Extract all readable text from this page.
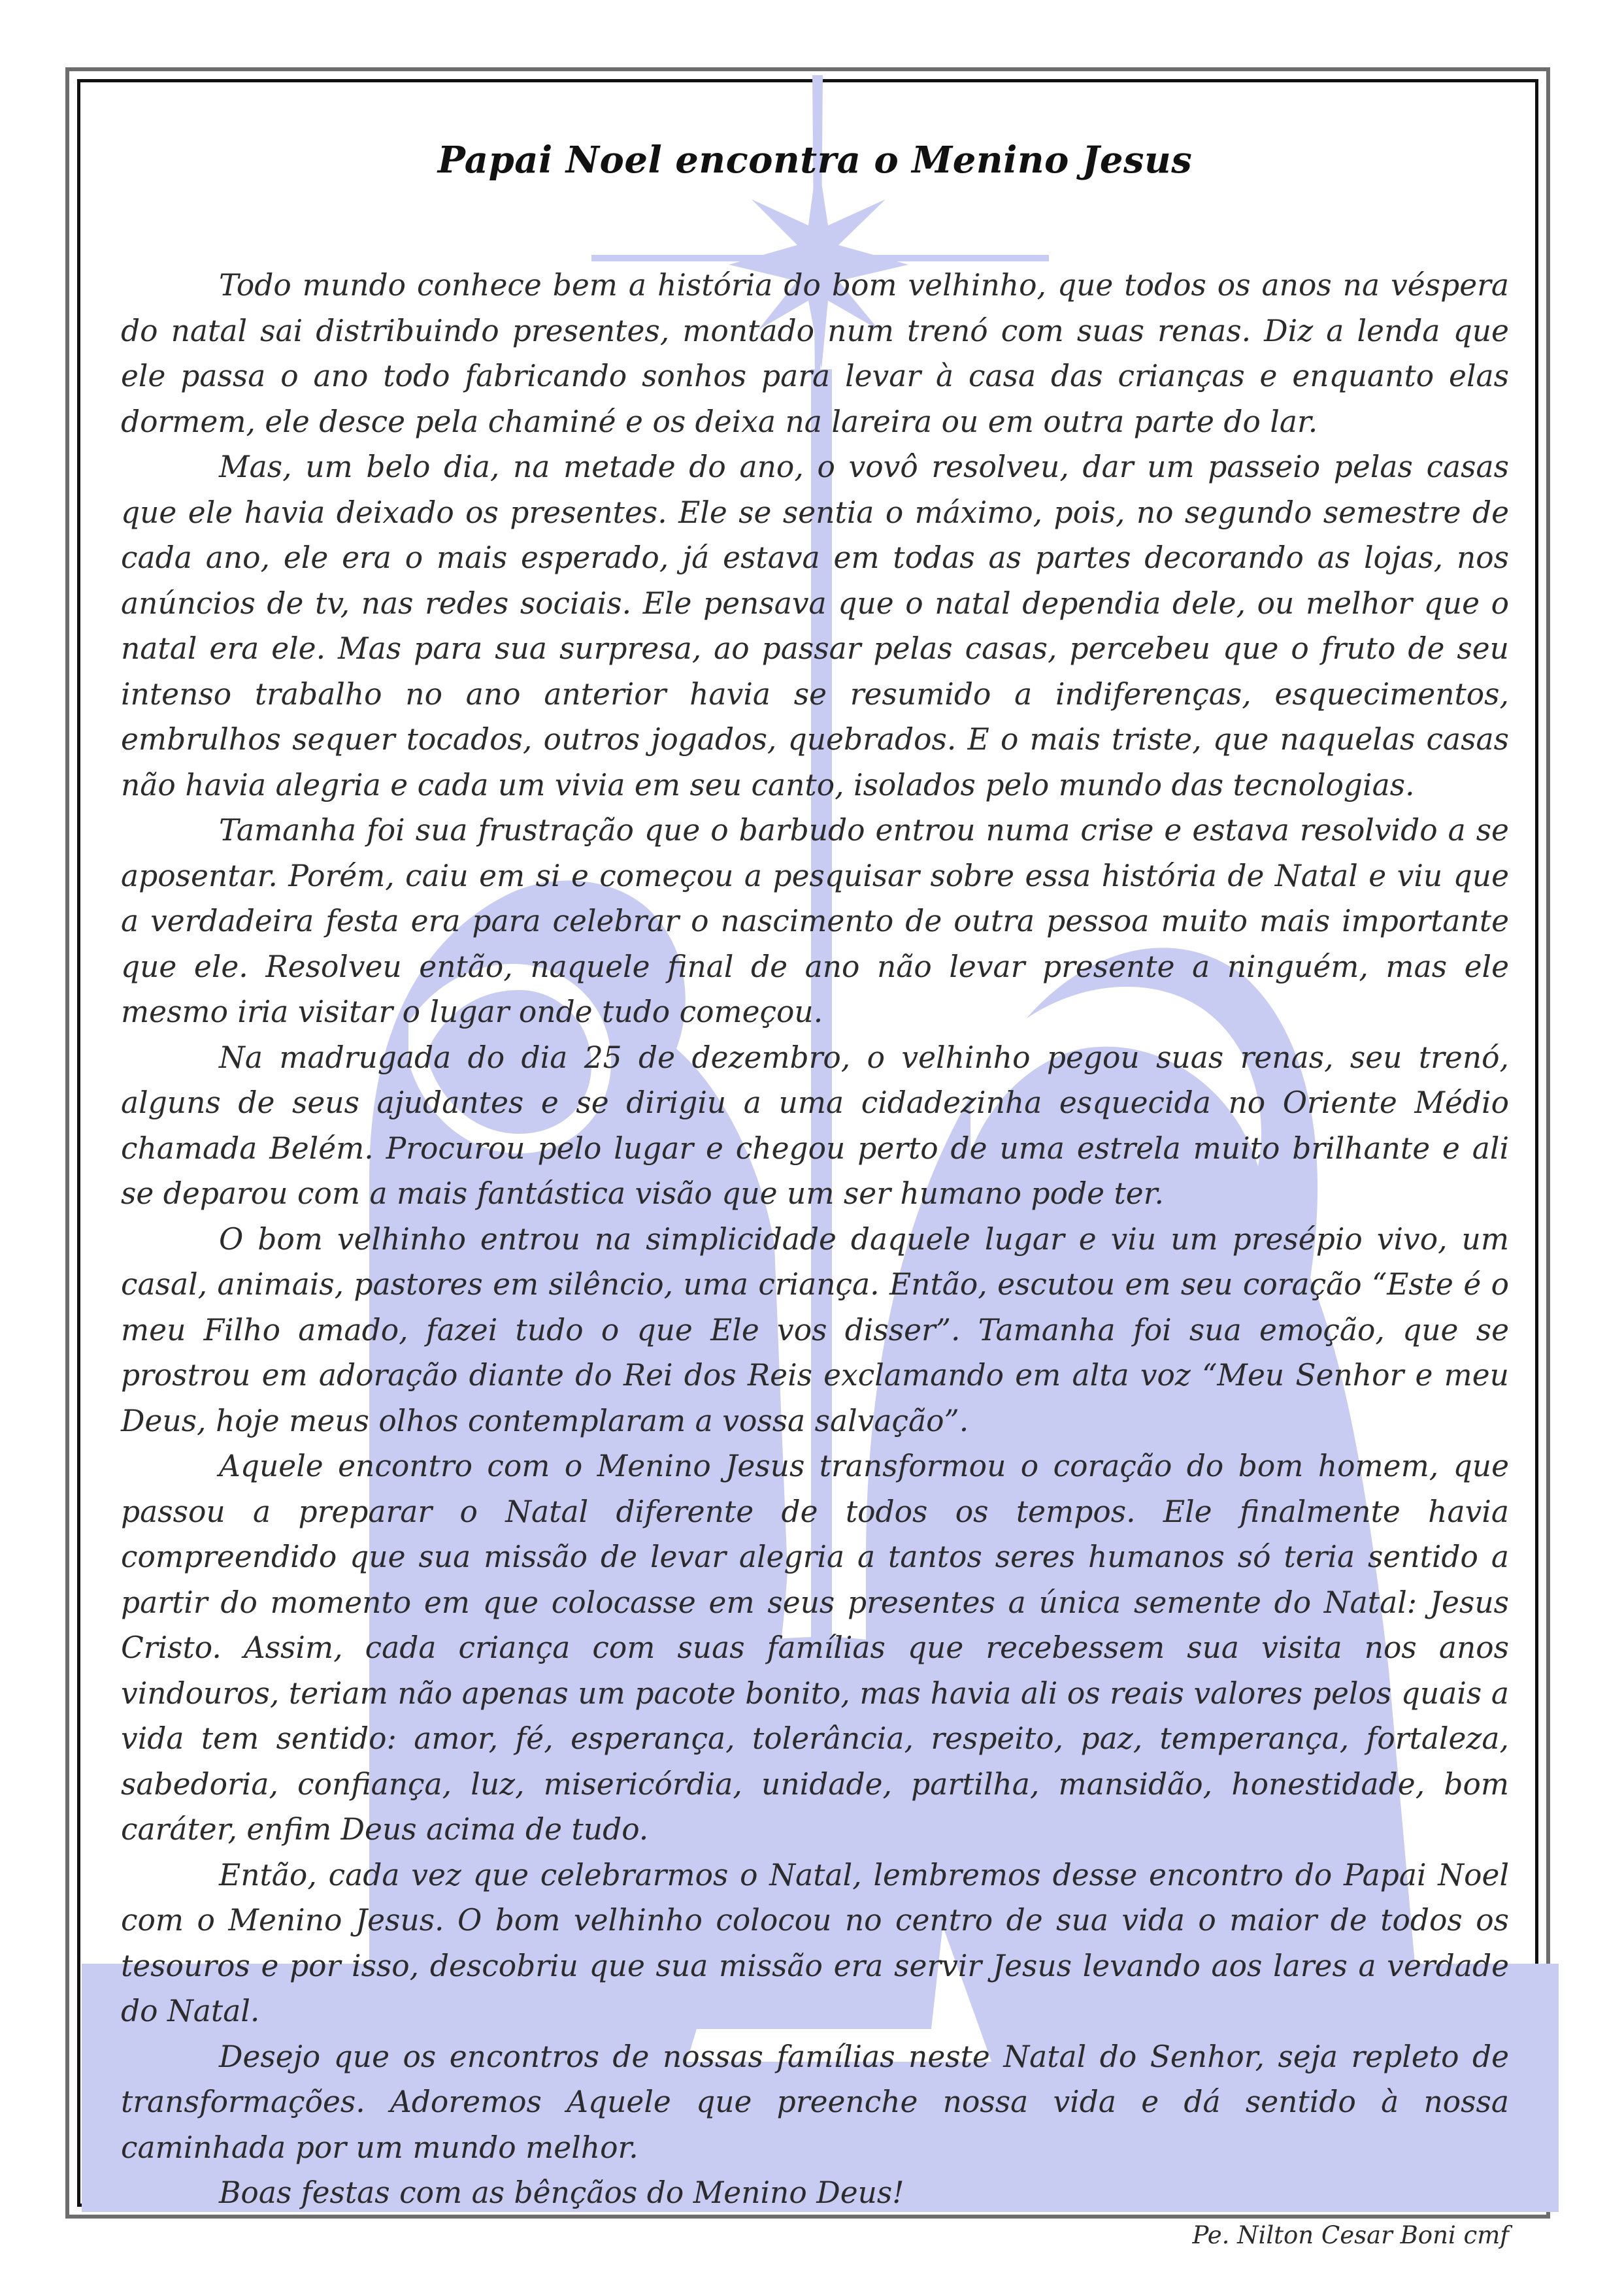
Papai Noel encontra o Menino Jesus

Todo mundo conhece bem a história do bom velhinho, que todos os anos na véspera do natal sai distribuindo presentes, montado num trenó com suas renas. Diz a lenda que ele passa o ano todo fabricando sonhos para levar à casa das crianças e enquanto elas dormem, ele desce pela chaminé e os deixa na lareira ou em outra parte do lar.

Mas, um belo dia, na metade do ano, o vovô resolveu, dar um passeio pelas casas que ele havia deixado os presentes. Ele se sentia o máximo, pois, no segundo semestre de cada ano, ele era o mais esperado, já estava em todas as partes decorando as lojas, nos anúncios de tv, nas redes sociais. Ele pensava que o natal dependia dele, ou melhor que o natal era ele. Mas para sua surpresa, ao passar pelas casas, percebeu que o fruto de seu intenso trabalho no ano anterior havia se resumido a indiferenças, esquecimentos, embrulhos sequer tocados, outros jogados, quebrados. E o mais triste, que naquelas casas não havia alegria e cada um vivia em seu canto, isolados pelo mundo das tecnologias.

Tamanha foi sua frustração que o barbudo entrou numa crise e estava resolvido a se aposentar. Porém, caiu em si e começou a pesquisar sobre essa história de Natal e viu que a verdadeira festa era para celebrar o nascimento de outra pessoa muito mais importante que ele. Resolveu então, naquele final de ano não levar presente a ninguém, mas ele mesmo iria visitar o lugar onde tudo começou.

Na madrugada do dia 25 de dezembro, o velhinho pegou suas renas, seu trenó, alguns de seus ajudantes e se dirigiu a uma cidadezinha esquecida no Oriente Médio chamada Belém. Procurou pelo lugar e chegou perto de uma estrela muito brilhante e ali se deparou com a mais fantástica visão que um ser humano pode ter.

O bom velhinho entrou na simplicidade daquele lugar e viu um presépio vivo, um casal, animais, pastores em silêncio, uma criança. Então, escutou em seu coração “Este é o meu Filho amado, fazei tudo o que Ele vos disser”. Tamanha foi sua emoção, que se prostrou em adoração diante do Rei dos Reis exclamando em alta voz “Meu Senhor e meu Deus, hoje meus olhos contemplaram a vossa salvação”.

Aquele encontro com o Menino Jesus transformou o coração do bom homem, que passou a preparar o Natal diferente de todos os tempos. Ele finalmente havia compreendido que sua missão de levar alegria a tantos seres humanos só teria sentido a partir do momento em que colocasse em seus presentes a única semente do Natal: Jesus Cristo. Assim, cada criança com suas famílias que recebessem sua visita nos anos vindouros, teriam não apenas um pacote bonito, mas havia ali os reais valores pelos quais a vida tem sentido: amor, fé, esperança, tolerância, respeito, paz, temperança, fortaleza, sabedoria, confiança, luz, misericórdia, unidade, partilha, mansidão, honestidade, bom caráter, enfim Deus acima de tudo.

Então, cada vez que celebrarmos o Natal, lembremos desse encontro do Papai Noel com o Menino Jesus. O bom velhinho colocou no centro de sua vida o maior de todos os tesouros e por isso, descobriu que sua missão era servir Jesus levando aos lares a verdade do Natal.

Desejo que os encontros de nossas famílias neste Natal do Senhor, seja repleto de transformações. Adoremos Aquele que preenche nossa vida e dá sentido à nossa caminhada por um mundo melhor.

Boas festas com as bênçãos do Menino Deus!

Pe. Nilton Cesar Boni cmf
